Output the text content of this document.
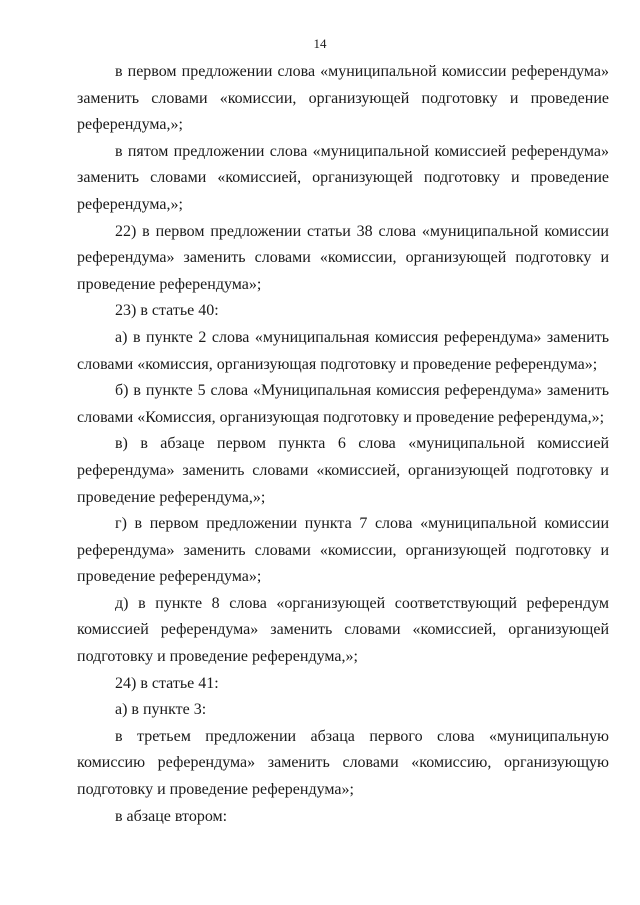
14

в первом предложении слова «муниципальной комиссии референдума» заменить словами «комиссии, организующей подготовку и проведение референдума,»;

в пятом предложении слова «муниципальной комиссией референдума» заменить словами «комиссией, организующей подготовку и проведение референдума,»;

22) в первом предложении статьи 38 слова «муниципальной комиссии референдума» заменить словами «комиссии, организующей подготовку и проведение референдума»;

23) в статье 40:

а) в пункте 2 слова «муниципальная комиссия референдума» заменить словами «комиссия, организующая подготовку и проведение референдума»;

б) в пункте 5 слова «Муниципальная комиссия референдума» заменить словами «Комиссия, организующая подготовку и проведение референдума,»;

в) в абзаце первом пункта 6 слова «муниципальной комиссией референдума» заменить словами «комиссией, организующей подготовку и проведение референдума,»;

г) в первом предложении пункта 7 слова «муниципальной комиссии референдума» заменить словами «комиссии, организующей подготовку и проведение референдума»;

д) в пункте 8 слова «организующей соответствующий референдум комиссией референдума» заменить словами «комиссией, организующей подготовку и проведение референдума,»;

24) в статье 41:

а) в пункте 3:

в третьем предложении абзаца первого слова «муниципальную комиссию референдума» заменить словами «комиссию, организующую подготовку и проведение референдума»;

в абзаце втором:
